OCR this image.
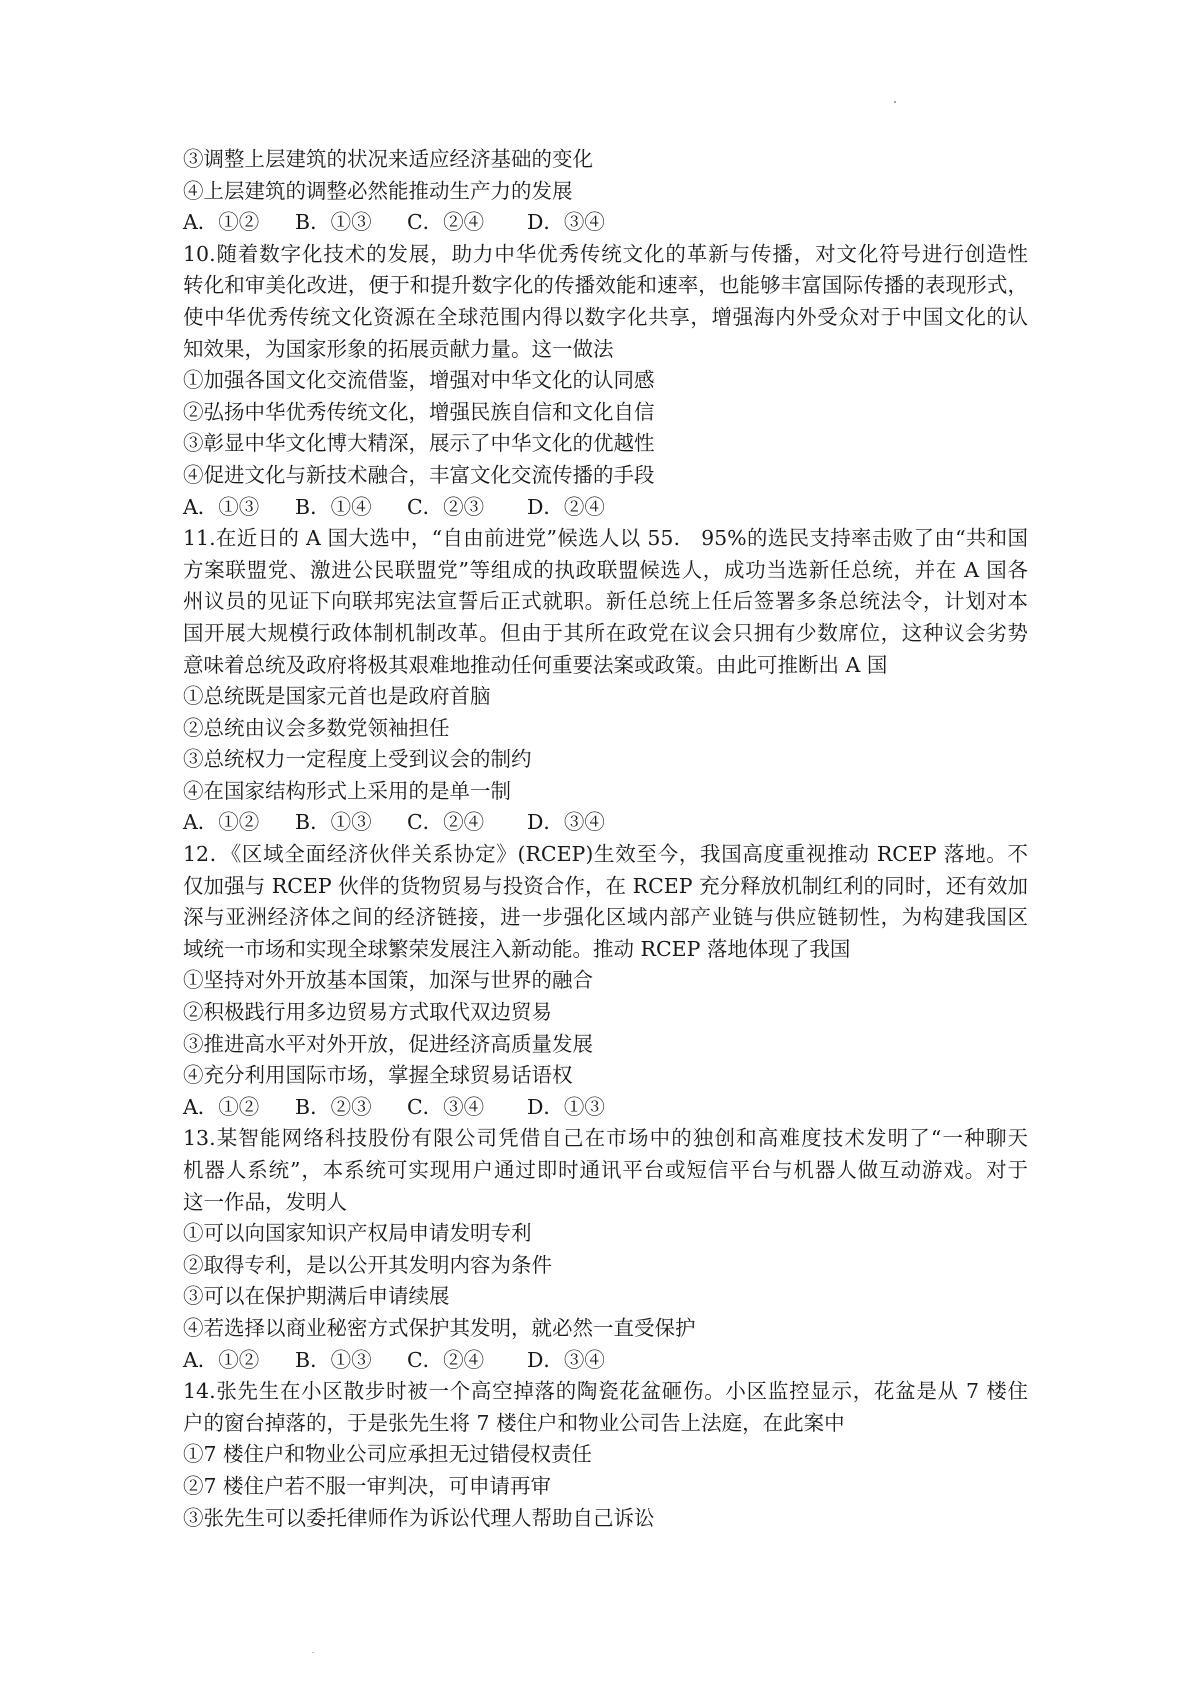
③调整上层建筑的状况来适应经济基础的变化
④上层建筑的调整必然能推动生产力的发展
A．①②	B．①③	C．②④	D．③④
10.随着数字化技术的发展，助力中华优秀传统文化的革新与传播，对文化符号进行创造性
转化和审美化改进，便于和提升数字化的传播效能和速率，也能够丰富国际传播的表现形式，
使中华优秀传统文化资源在全球范围内得以数字化共享，增强海内外受众对于中国文化的认
知效果，为国家形象的拓展贡献力量。这一做法
①加强各国文化交流借鉴，增强对中华文化的认同感
②弘扬中华优秀传统文化，增强民族自信和文化自信
③彰显中华文化博大精深，展示了中华文化的优越性
④促进文化与新技术融合，丰富文化交流传播的手段
A．①③	B．①④	C．②③	D．②④
11.在近日的 A 国大选中，“自由前进党”候选人以 55.　95%的选民支持率击败了由“共和国
方案联盟党、激进公民联盟党”等组成的执政联盟候选人，成功当选新任总统，并在 A 国各
州议员的见证下向联邦宪法宣誓后正式就职。新任总统上任后签署多条总统法令，计划对本
国开展大规模行政体制机制改革。但由于其所在政党在议会只拥有少数席位，这种议会劣势
意味着总统及政府将极其艰难地推动任何重要法案或政策。由此可推断出 A 国
①总统既是国家元首也是政府首脑
②总统由议会多数党领袖担任
③总统权力一定程度上受到议会的制约
④在国家结构形式上采用的是单一制
A．①②	B．①③	C．②④	D．③④
12．《区域全面经济伙伴关系协定》(RCEP)生效至今，我国高度重视推动 RCEP 落地。不
仅加强与 RCEP 伙伴的货物贸易与投资合作，在 RCEP 充分释放机制红利的同时，还有效加
深与亚洲经济体之间的经济链接，进一步强化区域内部产业链与供应链韧性，为构建我国区
域统一市场和实现全球繁荣发展注入新动能。推动 RCEP 落地体现了我国
①坚持对外开放基本国策，加深与世界的融合
②积极践行用多边贸易方式取代双边贸易
③推进高水平对外开放，促进经济高质量发展
④充分利用国际市场，掌握全球贸易话语权
A．①②	B．②③	C．③④	D．①③
13.某智能网络科技股份有限公司凭借自己在市场中的独创和高难度技术发明了“一种聊天
机器人系统”，本系统可实现用户通过即时通讯平台或短信平台与机器人做互动游戏。对于
这一作品，发明人
①可以向国家知识产权局申请发明专利
②取得专利，是以公开其发明内容为条件
③可以在保护期满后申请续展
④若选择以商业秘密方式保护其发明，就必然一直受保护
A．①②	B．①③	C．②④	D．③④
14.张先生在小区散步时被一个高空掉落的陶瓷花盆砸伤。小区监控显示，花盆是从 7 楼住
户的窗台掉落的，于是张先生将 7 楼住户和物业公司告上法庭，在此案中
①7 楼住户和物业公司应承担无过错侵权责任
②7 楼住户若不服一审判决，可申请再审
③张先生可以委托律师作为诉讼代理人帮助自己诉讼
